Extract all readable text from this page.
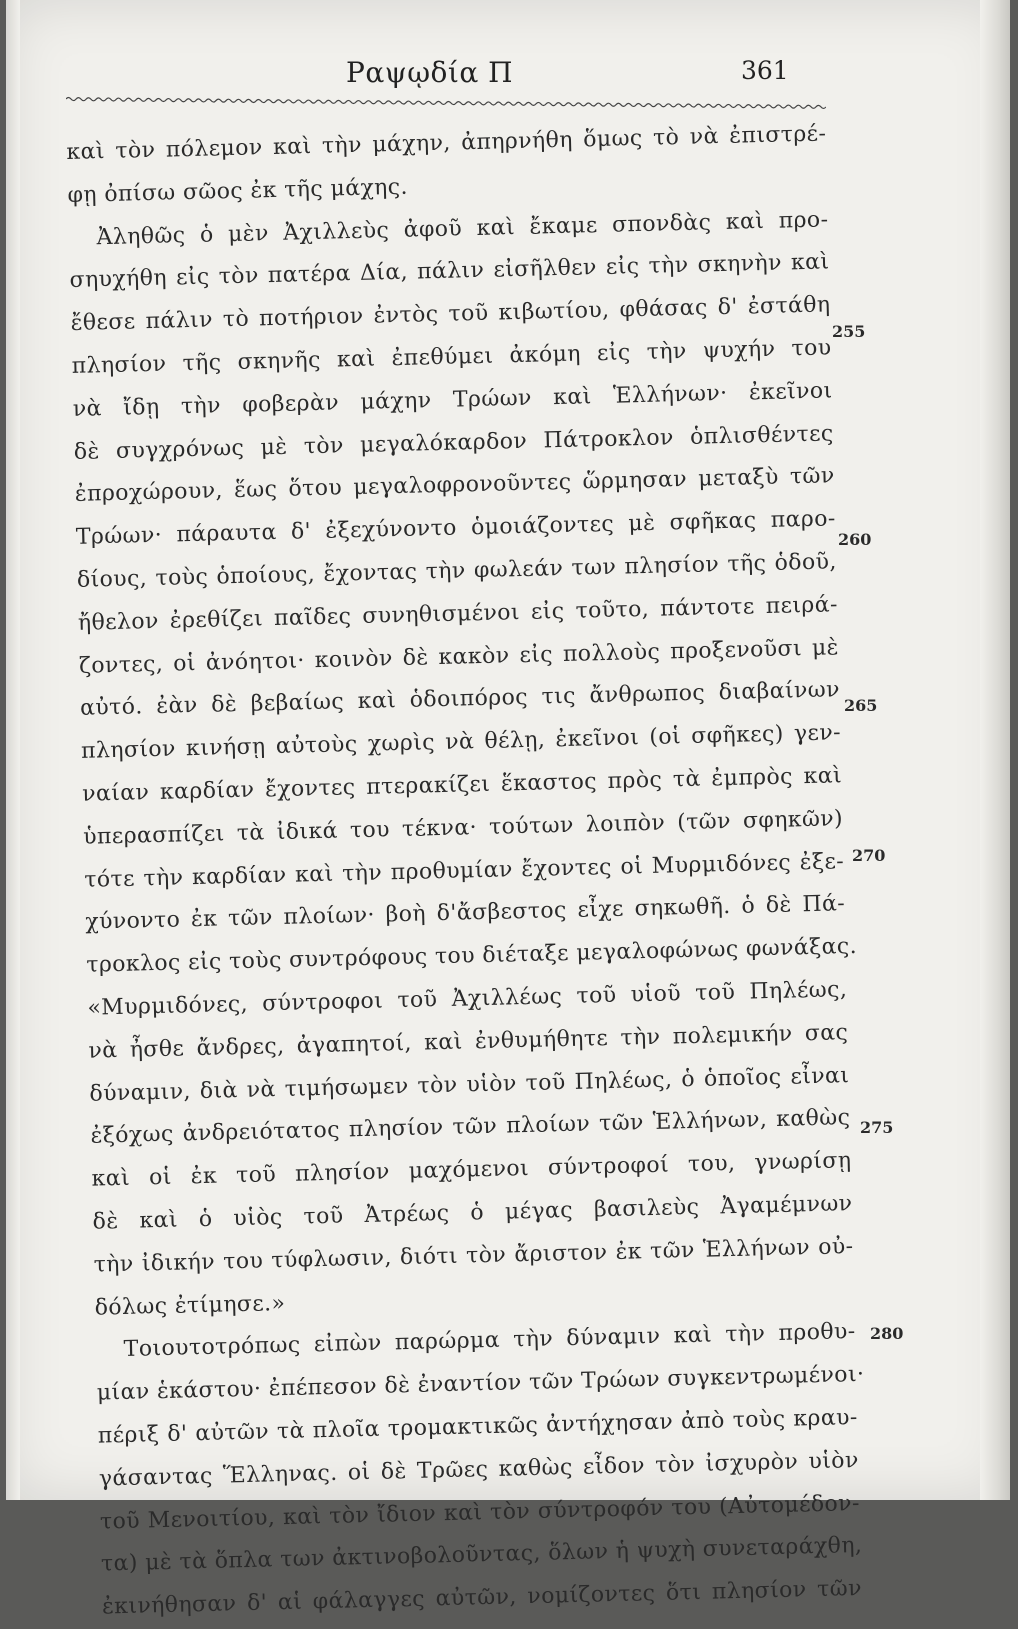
Ραψῳδία Π	361
καὶ τὸν πόλεμον καὶ τὴν μάχην, ἀπηρνήθη ὅμως τὸ νὰ ἐπιστρέ-
φῃ ὀπίσω σῶος ἐκ τῆς μάχης.
Ἀληθῶς ὁ μὲν Ἀχιλλεὺς ἀφοῦ καὶ ἔκαμε σπονδὰς καὶ προ-
σηυχήθη εἰς τὸν πατέρα Δία, πάλιν εἰσῆλθεν εἰς τὴν σκηνὴν καὶ
ἔθεσε πάλιν τὸ ποτήριον ἐντὸς τοῦ κιβωτίου, φθάσας δ' ἐστάθη
πλησίον τῆς σκηνῆς καὶ ἐπεθύμει ἀκόμη εἰς τὴν ψυχήν του
νὰ ἴδῃ τὴν φοβερὰν μάχην Τρώων καὶ Ἑλλήνων· ἐκεῖνοι
δὲ συγχρόνως μὲ τὸν μεγαλόκαρδον Πάτροκλον ὁπλισθέντες
ἐπροχώρουν, ἕως ὅτου μεγαλοφρονοῦντες ὥρμησαν μεταξὺ τῶν
Τρώων· πάραυτα δ' ἐξεχύνοντο ὁμοιάζοντες μὲ σφῆκας παρο-
δίους, τοὺς ὁποίους, ἔχοντας τὴν φωλεάν των πλησίον τῆς ὁδοῦ,
ἤθελον ἐρεθίζει παῖδες συνηθισμένοι εἰς τοῦτο, πάντοτε πειρά-
ζοντες, οἱ ἀνόητοι· κοινὸν δὲ κακὸν εἰς πολλοὺς προξενοῦσι μὲ
αὐτό. ἐὰν δὲ βεβαίως καὶ ὁδοιπόρος τις ἄνθρωπος διαβαίνων
πλησίον κινήσῃ αὐτοὺς χωρὶς νὰ θέλῃ, ἐκεῖνοι (οἱ σφῆκες) γεν-
ναίαν καρδίαν ἔχοντες πτερακίζει ἕκαστος πρὸς τὰ ἐμπρὸς καὶ
ὑπερασπίζει τὰ ἰδικά του τέκνα· τούτων λοιπὸν (τῶν σφηκῶν)
τότε τὴν καρδίαν καὶ τὴν προθυμίαν ἔχοντες οἱ Μυρμιδόνες ἐξε-
χύνοντο ἐκ τῶν πλοίων· βοὴ δ'ἄσβεστος εἶχε σηκωθῆ. ὁ δὲ Πά-
τροκλος εἰς τοὺς συντρόφους του διέταξε μεγαλοφώνως φωνάξας.
«Μυρμιδόνες, σύντροφοι τοῦ Ἀχιλλέως τοῦ υἱοῦ τοῦ Πηλέως,
νὰ ἦσθε ἄνδρες, ἀγαπητοί, καὶ ἐνθυμήθητε τὴν πολεμικήν σας
δύναμιν, διὰ νὰ τιμήσωμεν τὸν υἱὸν τοῦ Πηλέως, ὁ ὁποῖος εἶναι
ἐξόχως ἀνδρειότατος πλησίον τῶν πλοίων τῶν Ἑλλήνων, καθὼς
καὶ οἱ ἐκ τοῦ πλησίον μαχόμενοι σύντροφοί του, γνωρίσῃ
δὲ καὶ ὁ υἱὸς τοῦ Ἀτρέως ὁ μέγας βασιλεὺς Ἀγαμέμνων
τὴν ἰδικήν του τύφλωσιν, διότι τὸν ἄριστον ἐκ τῶν Ἑλλήνων οὐ-
δόλως ἐτίμησε.»
Τοιουτοτρόπως εἰπὼν παρώρμα τὴν δύναμιν καὶ τὴν προθυ-
μίαν ἑκάστου· ἐπέπεσον δὲ ἐναντίον τῶν Τρώων συγκεντρωμένοι·
πέριξ δ' αὐτῶν τὰ πλοῖα τρομακτικῶς ἀντήχησαν ἀπὸ τοὺς κραυ-
γάσαντας Ἕλληνας. οἱ δὲ Τρῶες καθὼς εἶδον τὸν ἰσχυρὸν υἱὸν
τοῦ Μενοιτίου, καὶ τὸν ἴδιον καὶ τὸν σύντροφόν του (Αὐτομέδον-
τα) μὲ τὰ ὅπλα των ἀκτινοβολοῦντας, ὅλων ἡ ψυχὴ συνεταράχθη,
ἐκινήθησαν δ' αἱ φάλαγγες αὐτῶν, νομίζοντες ὅτι πλησίον τῶν
255
260
265
270
275
280
